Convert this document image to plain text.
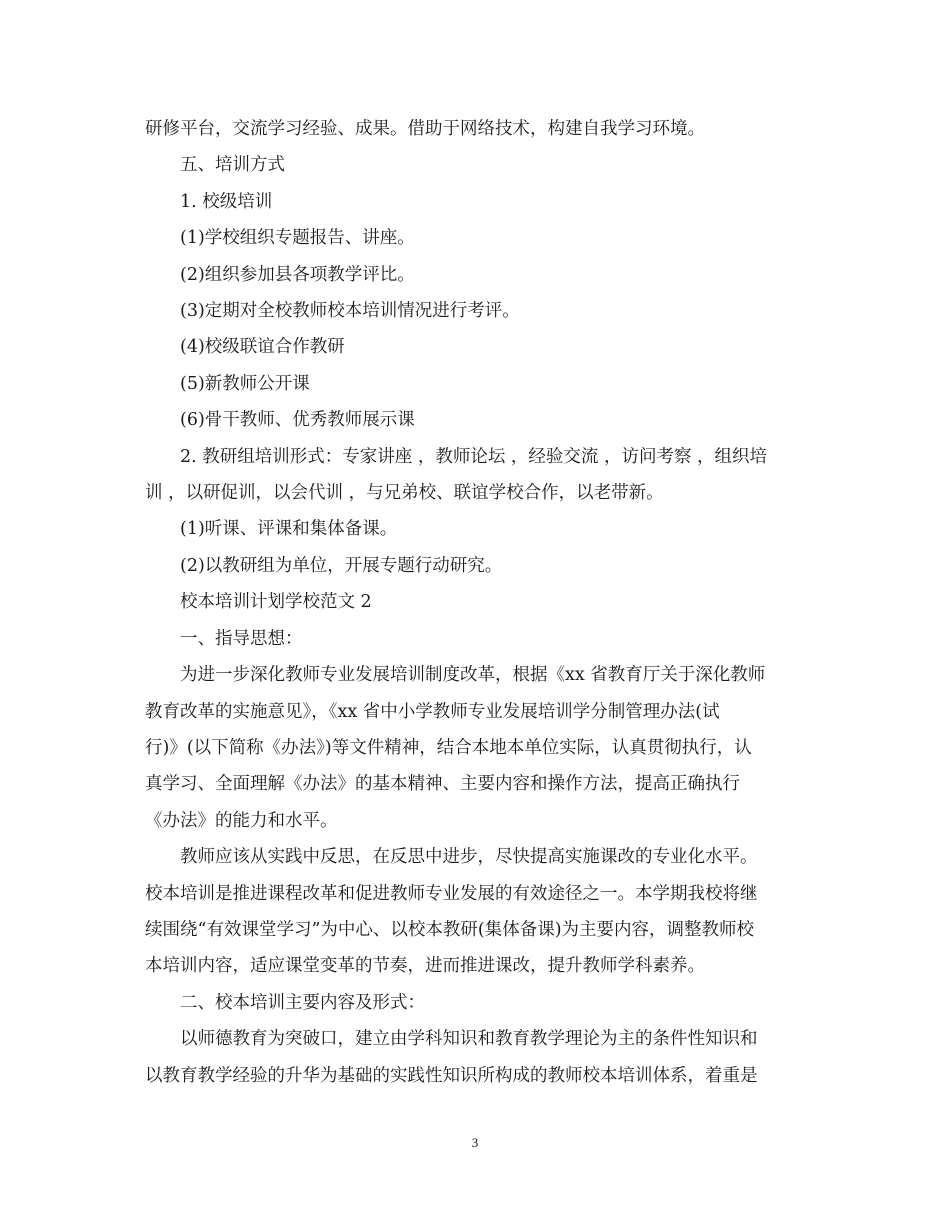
研修平台，交流学习经验、成果。借助于网络技术，构建自我学习环境。

五、培训方式

1. 校级培训

(1)学校组织专题报告、讲座。

(2)组织参加县各项教学评比。

(3)定期对全校教师校本培训情况进行考评。

(4)校级联谊合作教研

(5)新教师公开课

(6)骨干教师、优秀教师展示课

2. 教研组培训形式：专家讲座 ，教师论坛 ，经验交流 ，访问考察 ，组织培

训 ，以研促训，以会代训 ，与兄弟校、联谊学校合作，以老带新。

(1)听课、评课和集体备课。

(2)以教研组为单位，开展专题行动研究。

校本培训计划学校范文 2

一、指导思想：

为进一步深化教师专业发展培训制度改革，根据《xx 省教育厅关于深化教师

教育改革的实施意见》，《xx 省中小学教师专业发展培训学分制管理办法(试

行)》(以下简称《办法》)等文件精神，结合本地本单位实际，认真贯彻执行，认

真学习、全面理解《办法》的基本精神、主要内容和操作方法，提高正确执行

《办法》的能力和水平。

教师应该从实践中反思，在反思中进步，尽快提高实施课改的专业化水平。

校本培训是推进课程改革和促进教师专业发展的有效途径之一。本学期我校将继

续围绕“有效课堂学习”为中心、以校本教研(集体备课)为主要内容，调整教师校

本培训内容，适应课堂变革的节奏，进而推进课改，提升教师学科素养。

二、校本培训主要内容及形式：

以师德教育为突破口，建立由学科知识和教育教学理论为主的条件性知识和

以教育教学经验的升华为基础的实践性知识所构成的教师校本培训体系，着重是

3
